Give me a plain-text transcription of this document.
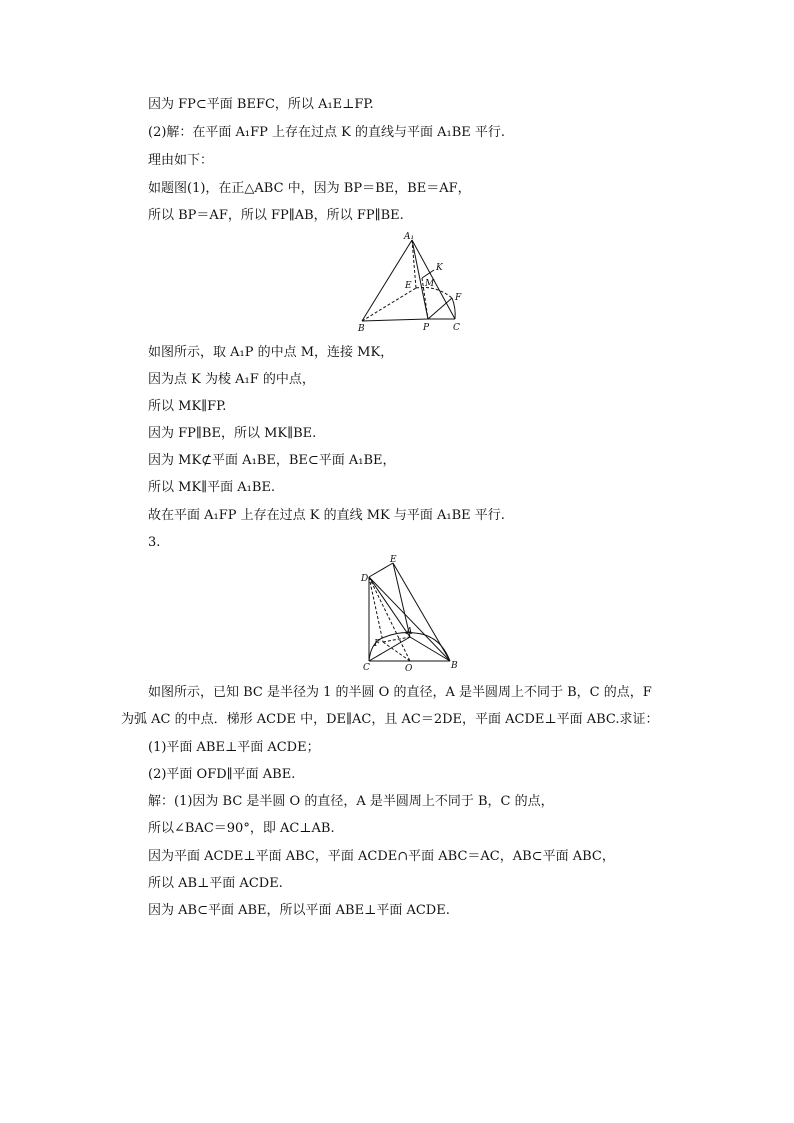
因为 FP⊂平面 BEFC，所以 A₁E⊥FP.
(2)解：在平面 A₁FP 上存在过点 K 的直线与平面 A₁BE 平行.
理由如下：
如题图(1)，在正△ABC 中，因为 BP＝BE，BE＝AF，
所以 BP＝AF，所以 FP∥AB，所以 FP∥BE.
A₁
K
E M
F
B	P	C
如图所示，取 A₁P 的中点 M，连接 MK，
因为点 K 为棱 A₁F 的中点，
所以 MK∥FP.
因为 FP∥BE，所以 MK∥BE.
因为 MK⊄平面 A₁BE，BE⊂平面 A₁BE，
所以 MK∥平面 A₁BE.
故在平面 A₁FP 上存在过点 K 的直线 MK 与平面 A₁BE 平行.
3.
D
E
A
F
C	O	B
如图所示，已知 BC 是半径为 1 的半圆 O 的直径，A 是半圆周上不同于 B，C 的点，F
为弧 AC 的中点．梯形 ACDE 中，DE∥AC，且 AC＝2DE，平面 ACDE⊥平面 ABC.求证：
(1)平面 ABE⊥平面 ACDE；
(2)平面 OFD∥平面 ABE.
解：(1)因为 BC 是半圆 O 的直径，A 是半圆周上不同于 B，C 的点，
所以∠BAC＝90°，即 AC⊥AB.
因为平面 ACDE⊥平面 ABC，平面 ACDE∩平面 ABC＝AC，AB⊂平面 ABC，
所以 AB⊥平面 ACDE.
因为 AB⊂平面 ABE，所以平面 ABE⊥平面 ACDE.
